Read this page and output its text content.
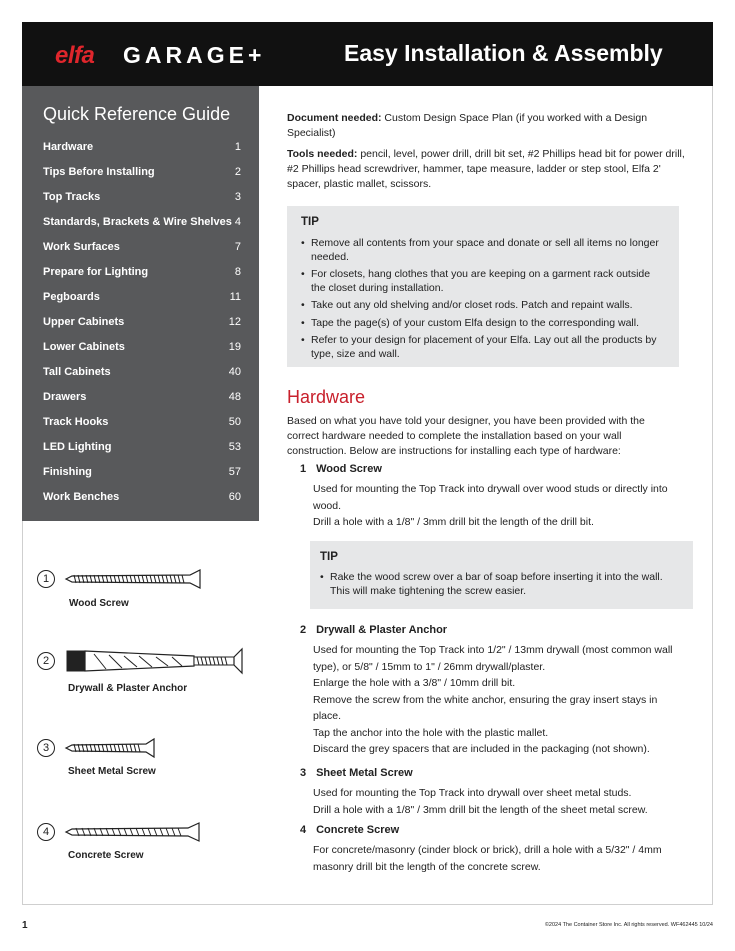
elfa GARAGE+	Easy Installation & Assembly
Quick Reference Guide
Hardware	1
Tips Before Installing	2
Top Tracks	3
Standards, Brackets & Wire Shelves 4
Work Surfaces	7
Prepare for Lighting	8
Pegboards	11
Upper Cabinets	12
Lower Cabinets	19
Tall Cabinets	40
Drawers	48
Track Hooks	50
LED Lighting	53
Finishing	57
Work Benches	60
Document needed: Custom Design Space Plan (if you worked with a Design Specialist)
Tools needed: pencil, level, power drill, drill bit set, #2 Phillips head bit for power drill, #2 Phillips head screwdriver, hammer, tape measure, ladder or step stool, Elfa 2' spacer, plastic mallet, scissors.
TIP
• Remove all contents from your space and donate or sell all items no longer needed.
• For closets, hang clothes that you are keeping on a garment rack outside the closet during installation.
• Take out any old shelving and/or closet rods. Patch and repaint walls.
• Tape the page(s) of your custom Elfa design to the corresponding wall.
• Refer to your design for placement of your Elfa. Lay out all the products by type, size and wall.
Hardware
Based on what you have told your designer, you have been provided with the correct hardware needed to complete the installation based on your wall construction. Below are instructions for installing each type of hardware:
1 Wood Screw

Used for mounting the Top Track into drywall over wood studs or directly into wood.

Drill a hole with a 1/8" / 3mm drill bit the length of the drill bit.

TIP
• Rake the wood screw over a bar of soap before inserting it into the wall. This will make tightening the screw easier.
2 Drywall & Plaster Anchor

Used for mounting the Top Track into 1/2" / 13mm drywall (most common wall type), or 5/8" / 15mm to 1" / 26mm drywall/plaster.

Enlarge the hole with a 3/8" / 10mm drill bit.

Remove the screw from the white anchor, ensuring the gray insert stays in place.

Tap the anchor into the hole with the plastic mallet.

Discard the grey spacers that are included in the packaging (not shown).

3 Sheet Metal Screw

Used for mounting the Top Track into drywall over sheet metal studs.

Drill a hole with a 1/8" / 3mm drill bit the length of the sheet metal screw.

4 Concrete Screw

For concrete/masonry (cinder block or brick), drill a hole with a 5/32" / 4mm masonry drill bit the length of the concrete screw.

1
Wood Screw
2
Drywall & Plaster Anchor
3
Sheet Metal Screw
4
Concrete Screw
1	©2024 The Container Store Inc. All rights reserved. WF462445 10/24
